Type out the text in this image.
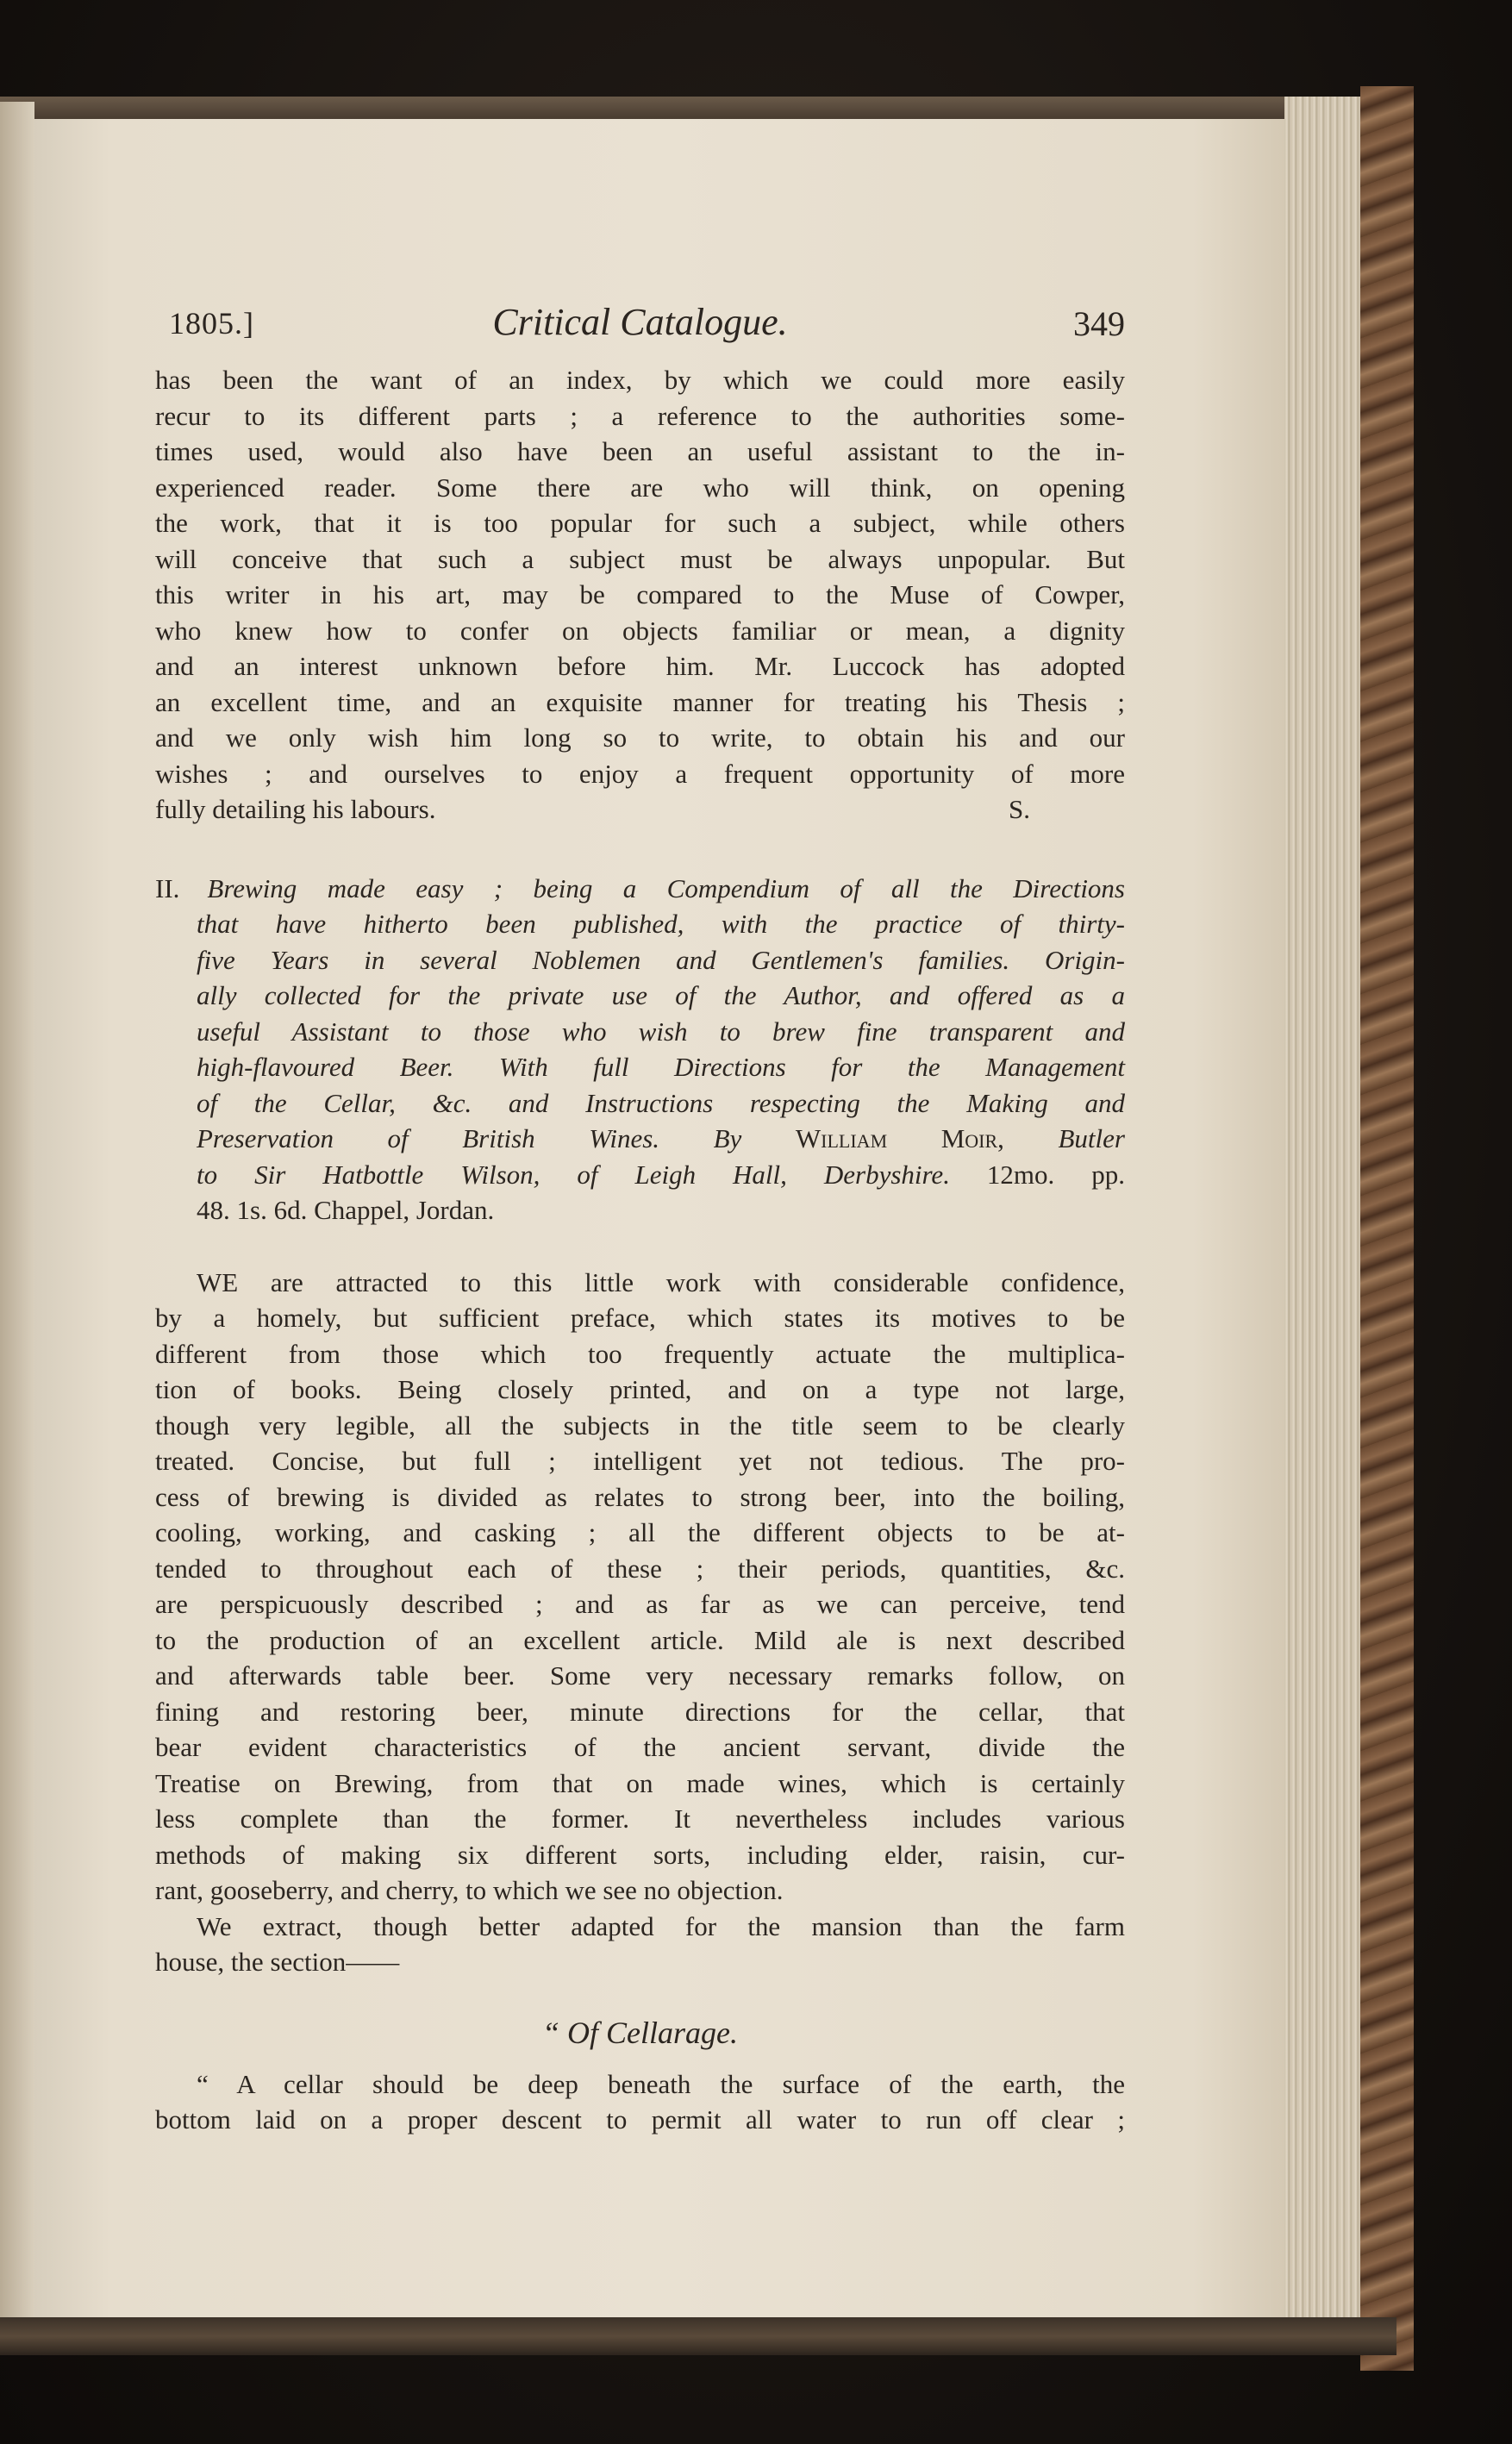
1805.]	Critical Catalogue.	349

has been the want of an index, by which we could more easily
recur to its different parts ; a reference to the authorities some-
times used, would also have been an useful assistant to the in-
experienced reader. Some there are who will think, on opening
the work, that it is too popular for such a subject, while others
will conceive that such a subject must be always unpopular. But
this writer in his art, may be compared to the Muse of Cowper,
who knew how to confer on objects familiar or mean, a dignity
and an interest unknown before him. Mr. Luccock has adopted
an excellent time, and an exquisite manner for treating his Thesis ;
and we only wish him long so to write, to obtain his and our
wishes ; and ourselves to enjoy a frequent opportunity of more
fully detailing his labours.	S.

II. Brewing made easy ; being a Compendium of all the Directions
that have hitherto been published, with the practice of thirty-
five Years in several Noblemen and Gentlemen's families. Origin-
ally collected for the private use of the Author, and offered as a
useful Assistant to those who wish to brew fine transparent and
high-flavoured Beer. With full Directions for the Management
of the Cellar, &c. and Instructions respecting the Making and
Preservation of British Wines. By William Moir, Butler
to Sir Hatbottle Wilson, of Leigh Hall, Derbyshire. 12mo. pp.
48. 1s. 6d. Chappel, Jordan.

WE are attracted to this little work with considerable confidence,
by a homely, but sufficient preface, which states its motives to be
different from those which too frequently actuate the multiplica-
tion of books. Being closely printed, and on a type not large,
though very legible, all the subjects in the title seem to be clearly
treated. Concise, but full ; intelligent yet not tedious. The pro-
cess of brewing is divided as relates to strong beer, into the boiling,
cooling, working, and casking ; all the different objects to be at-
tended to throughout each of these ; their periods, quantities, &c.
are perspicuously described ; and as far as we can perceive, tend
to the production of an excellent article. Mild ale is next described
and afterwards table beer. Some very necessary remarks follow, on
fining and restoring beer, minute directions for the cellar, that
bear evident characteristics of the ancient servant, divide the
Treatise on Brewing, from that on made wines, which is certainly
less complete than the former. It nevertheless includes various
methods of making six different sorts, including elder, raisin, cur-
rant, gooseberry, and cherry, to which we see no objection.
We extract, though better adapted for the mansion than the farm
house, the section——

“ Of Cellarage.

“ A cellar should be deep beneath the surface of the earth, the
bottom laid on a proper descent to permit all water to run off clear ;
